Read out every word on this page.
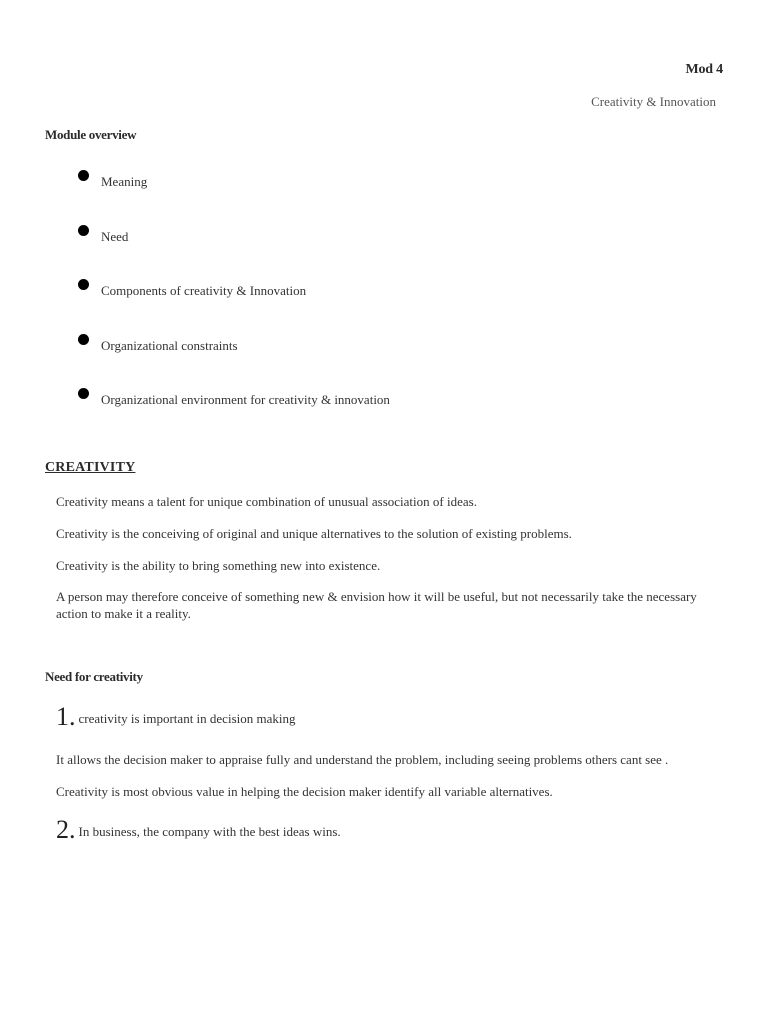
Mod 4
Creativity & Innovation
Module overview
Meaning
Need
Components of creativity & Innovation
Organizational constraints
Organizational environment for creativity & innovation
CREATIVITY
Creativity means a talent for unique combination of unusual association of ideas.
Creativity is the conceiving of original and unique alternatives to the solution of existing problems.
Creativity is the ability to bring something new into existence.
A person may therefore conceive of something new & envision how it will be useful, but not necessarily take the necessary action to make it a reality.
Need for creativity
1. creativity is important in decision making
It allows the decision maker to appraise fully and understand the problem, including seeing problems others cant see .
Creativity is most obvious value in helping the decision maker identify all variable alternatives.
2. In business, the company with the best ideas wins.
